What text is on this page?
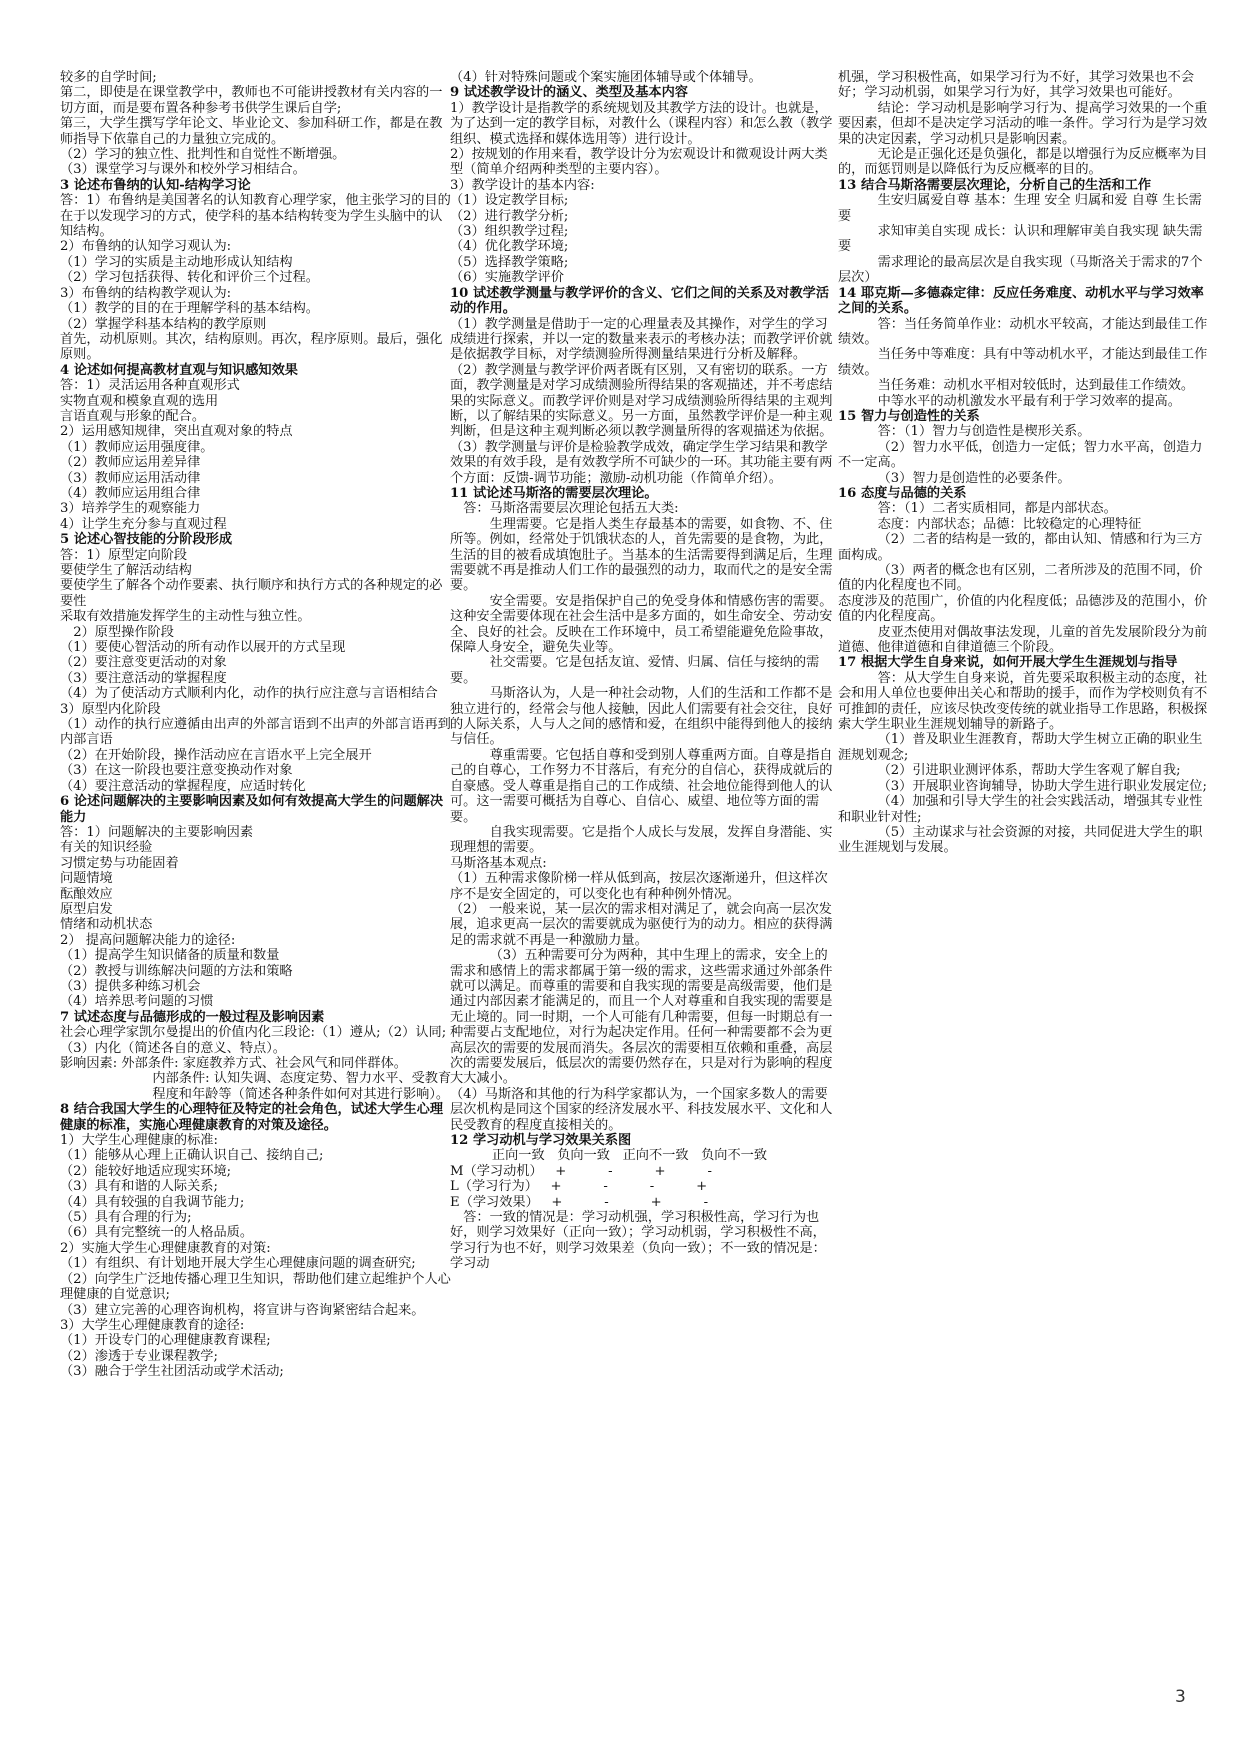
较多的自学时间;

第二，即使是在课堂教学中，教师也不可能讲授教材有关内容的一切方面，而是要布置各种参考书供学生课后自学;

第三，大学生撰写学年论文、毕业论文、参加科研工作，都是在教师指导下依靠自己的力量独立完成的。

（2）学习的独立性、批判性和自觉性不断增强。

（3）课堂学习与课外和校外学习相结合。

3 论述布鲁纳的认知-结构学习论

答：1）布鲁纳是美国著名的认知教育心理学家，他主张学习的目的在于以发现学习的方式，使学科的基本结构转变为学生头脑中的认知结构。

2）布鲁纳的认知学习观认为:

（1）学习的实质是主动地形成认知结构

（2）学习包括获得、转化和评价三个过程。

3）布鲁纳的结构教学观认为:

（1）教学的目的在于理解学科的基本结构。

（2）掌握学科基本结构的教学原则

首先，动机原则。其次，结构原则。再次，程序原则。最后，强化原则。

4 论述如何提高教材直观与知识感知效果

答：1）灵活运用各种直观形式

实物直观和模象直观的选用

言语直观与形象的配合。

2）运用感知规律，突出直观对象的特点

（1）教师应运用强度律。

（2）教师应运用差异律

（3）教师应运用活动律

（4）教师应运用组合律

3）培养学生的观察能力

4）让学生充分参与直观过程

5 论述心智技能的分阶段形成

答：1）原型定向阶段

要使学生了解活动结构

要使学生了解各个动作要素、执行顺序和执行方式的各种规定的必要性

采取有效措施发挥学生的主动性与独立性。

2）原型操作阶段

（1）要使心智活动的所有动作以展开的方式呈现

（2）要注意变更活动的对象

（3）要注意活动的掌握程度

（4）为了使活动方式顺利内化，动作的执行应注意与言语相结合

3）原型内化阶段

（1）动作的执行应遵循由出声的外部言语到不出声的外部言语再到内部言语

（2）在开始阶段，操作活动应在言语水平上完全展开

（3）在这一阶段也要注意变换动作对象

（4）要注意活动的掌握程度，应适时转化

6 论述问题解决的主要影响因素及如何有效提高大学生的问题解决能力

答：1）问题解决的主要影响因素

有关的知识经验

习惯定势与功能固着

问题情境

酝酿效应

原型启发

情绪和动机状态

2） 提高问题解决能力的途径:

（1）提高学生知识储备的质量和数量

（2）教授与训练解决问题的方法和策略

（3）提供多种练习机会

（4）培养思考问题的习惯

7 试述态度与品德形成的一般过程及影响因素

社会心理学家凯尔曼提出的价值内化三段论:（1）遵从;（2）认同;（3）内化（简述各自的意义、特点）。

影响因素: 外部条件: 家庭教养方式、社会风气和同伴群体。

内部条件: 认知失调、态度定势、智力水平、受教育程度和年龄等（简述各种条件如何对其进行影响）。

8 结合我国大学生的心理特征及特定的社会角色，试述大学生心理健康的标准，实施心理健康教育的对策及途径。

1）大学生心理健康的标准:

（1）能够从心理上正确认识自己、接纳自己;

（2）能较好地适应现实环境;

（3）具有和谐的人际关系;

（4）具有较强的自我调节能力;

（5）具有合理的行为;

（6）具有完整统一的人格品质。

2）实施大学生心理健康教育的对策:

（1）有组织、有计划地开展大学生心理健康问题的调查研究;

（2）向学生广泛地传播心理卫生知识，帮助他们建立起维护个人心理健康的自觉意识;

（3）建立完善的心理咨询机构，将宣讲与咨询紧密结合起来。

3）大学生心理健康教育的途径:

（1）开设专门的心理健康教育课程;

（2）渗透于专业课程教学;

（3）融合于学生社团活动或学术活动;

（4）针对特殊问题或个案实施团体辅导或个体辅导。

9 试述教学设计的涵义、类型及基本内容

1）教学设计是指教学的系统规划及其教学方法的设计。也就是，为了达到一定的教学目标，对教什么（课程内容）和怎么教（教学组织、模式选择和媒体选用等）进行设计。

2）按规划的作用来看，教学设计分为宏观设计和微观设计两大类型（简单介绍两种类型的主要内容）。

3）教学设计的基本内容:

（1）设定教学目标;

（2）进行教学分析;

（3）组织教学过程;

（4）优化教学环境;

（5）选择教学策略;

（6）实施教学评价

10 试述教学测量与教学评价的含义、它们之间的关系及对教学活动的作用。

（1）教学测量是借助于一定的心理量表及其操作，对学生的学习成绩进行探索，并以一定的数量来表示的考核办法；而教学评价就是依据教学目标，对学绩测验所得测量结果进行分析及解释。

（2）教学测量与教学评价两者既有区别，又有密切的联系。一方面，教学测量是对学习成绩测验所得结果的客观描述，并不考虑结果的实际意义。而教学评价则是对学习成绩测验所得结果的主观判断，以了解结果的实际意义。另一方面，虽然教学评价是一种主观判断，但是这种主观判断必须以教学测量所得的客观描述为依据。

（3）教学测量与评价是检验教学成效，确定学生学习结果和教学效果的有效手段，是有效教学所不可缺少的一环。其功能主要有两个方面：反馈-调节功能；激励-动机功能（作简单介绍）。

11 试论述马斯洛的需要层次理论。

答：马斯洛需要层次理论包括五大类:

生理需要。它是指人类生存最基本的需要，如食物、不、住所等。例如，经常处于饥饿状态的人，首先需要的是食物，为此，生活的目的被看成填饱肚子。当基本的生活需要得到满足后，生理需要就不再是推动人们工作的最强烈的动力，取而代之的是安全需要。

安全需要。安是指保护自己的免受身体和情感伤害的需要。这种安全需要体现在社会生活中是多方面的，如生命安全、劳动安全、良好的社会。反映在工作环境中，员工希望能避免危险事故，保障人身安全，避免失业等。

社交需要。它是包括友谊、爱情、归属、信任与接纳的需要。

马斯洛认为，人是一种社会动物，人们的生活和工作都不是独立进行的，经常会与他人接触，因此人们需要有社会交往，良好的人际关系，人与人之间的感情和爱，在组织中能得到他人的接纳与信任。

尊重需要。它包括自尊和受到别人尊重两方面。自尊是指自己的自尊心，工作努力不甘落后，有充分的自信心，获得成就后的自豪感。受人尊重是指自己的工作成绩、社会地位能得到他人的认可。这一需要可概括为自尊心、自信心、威望、地位等方面的需要。

自我实现需要。它是指个人成长与发展，发挥自身潜能、实现理想的需要。

马斯洛基本观点:

（1）五种需求像阶梯一样从低到高，按层次逐渐递升，但这样次序不是安全固定的，可以变化也有种种例外情况。

（2） 一般来说，某一层次的需求相对满足了，就会向高一层次发展，追求更高一层次的需要就成为驱使行为的动力。相应的获得满足的需求就不再是一种激励力量。

（3）五种需要可分为两种，其中生理上的需求，安全上的需求和感情上的需求都属于第一级的需求，这些需求通过外部条件就可以满足。而尊重的需要和自我实现的需要是高级需要，他们是通过内部因素才能满足的，而且一个人对尊重和自我实现的需要是无止境的。同一时期，一个人可能有几种需要，但每一时期总有一种需要占支配地位，对行为起决定作用。任何一种需要都不会为更高层次的需要的发展而消失。各层次的需要相互依赖和重叠，高层次的需要发展后，低层次的需要仍然存在，只是对行为影响的程度大大减小。

（4）马斯洛和其他的行为科学家都认为，一个国家多数人的需要层次机构是同这个国家的经济发展水平、科技发展水平、文化和人民受教育的程度直接相关的。

12 学习动机与学习效果关系图

正向一致   负向一致   正向不一致   负向不一致

M（学习动机）   +          -          +          -

L（学习行为）   +          -          -          +

E（学习效果）   +          -          +          -

答：一致的情况是：学习动机强，学习积极性高，学习行为也好，则学习效果好（正向一致）；学习动机弱，学习积极性不高，学习行为也不好，则学习效果差（负向一致）；不一致的情况是：学习动

机强，学习积极性高，如果学习行为不好，其学习效果也不会好；学习动机弱，如果学习行为好，其学习效果也可能好。

结论：学习动机是影响学习行为、提高学习效果的一个重要因素，但却不是决定学习活动的唯一条件。学习行为是学习效果的决定因素，学习动机只是影响因素。

无论是正强化还是负强化，都是以增强行为反应概率为目的，而惩罚则是以降低行为反应概率的目的。

13 结合马斯洛需要层次理论，分析自己的生活和工作

生安归属爱自尊 基本：生理 安全 归属和爱 自尊 生长需要

求知审美自实现 成长：认识和理解审美自我实现 缺失需要

需求理论的最高层次是自我实现（马斯洛关于需求的7个层次）

14 耶克斯—多德森定律：反应任务难度、动机水平与学习效率之间的关系。

答：当任务简单作业：动机水平较高，才能达到最佳工作绩效。

当任务中等难度：具有中等动机水平，才能达到最佳工作绩效。

当任务难：动机水平相对较低时，达到最佳工作绩效。

中等水平的动机激发水平最有利于学习效率的提高。

15 智力与创造性的关系

答：（1）智力与创造性是楔形关系。

（2）智力水平低，创造力一定低；智力水平高，创造力不一定高。

（3）智力是创造性的必要条件。

16 态度与品德的关系

答：（1）二者实质相同，都是内部状态。

态度：内部状态；品德：比较稳定的心理特征

（2）二者的结构是一致的，都由认知、情感和行为三方面构成。

（3）两者的概念也有区别，二者所涉及的范围不同，价值的内化程度也不同。

态度涉及的范围广，价值的内化程度低；品德涉及的范围小，价值的内化程度高。

皮亚杰使用对偶故事法发现，儿童的首先发展阶段分为前道德、他律道德和自律道德三个阶段。

17 根据大学生自身来说，如何开展大学生生涯规划与指导

答：从大学生自身来说，首先要采取积极主动的态度，社会和用人单位也要伸出关心和帮助的援手，而作为学校则负有不可推卸的责任，应该尽快改变传统的就业指导工作思路，积极探索大学生职业生涯规划辅导的新路子。

（1）普及职业生涯教育，帮助大学生树立正确的职业生涯规划观念;

（2）引进职业测评体系，帮助大学生客观了解自我;

（3）开展职业咨询辅导，协助大学生进行职业发展定位;

（4）加强和引导大学生的社会实践活动，增强其专业性和职业针对性;

（5）主动谋求与社会资源的对接，共同促进大学生的职业生涯规划与发展。

3
